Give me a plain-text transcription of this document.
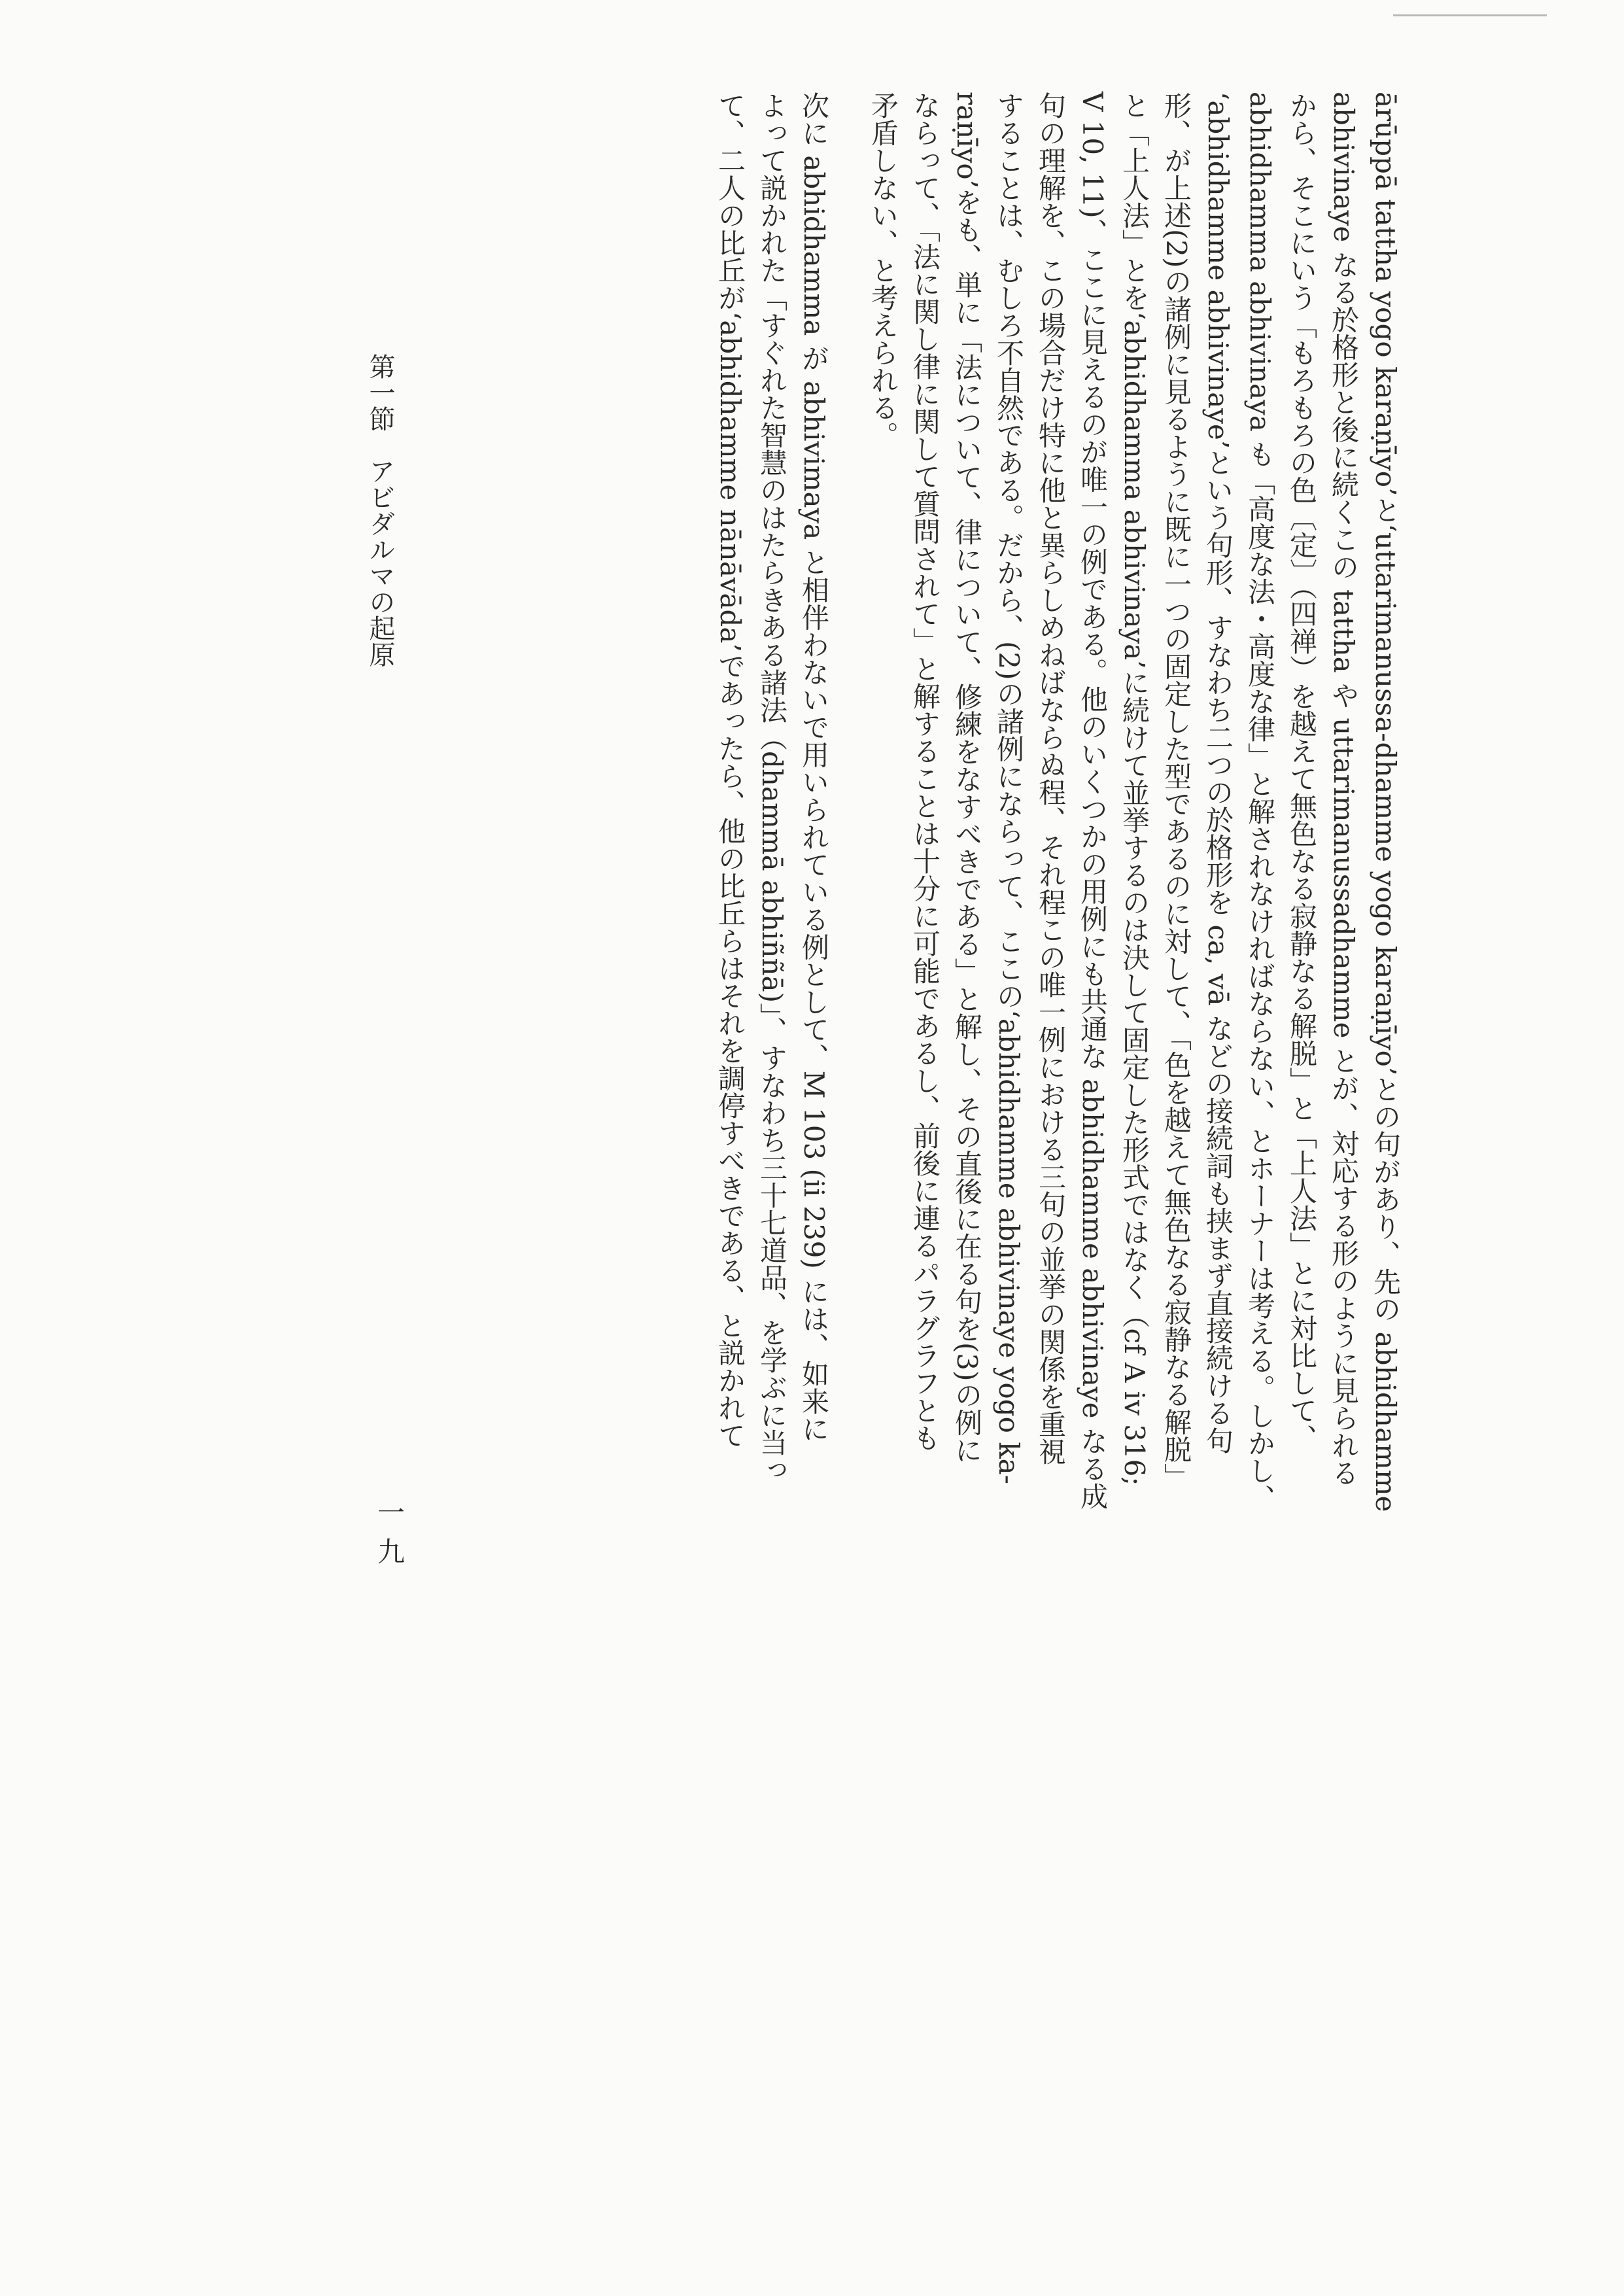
ārūppā tattha yogo karaṇīyo’と‘uttarimanussa-dhamme yogo karaṇīyo’との句があり、先の abhidhamme
abhivinaye なる於格形と後に続くこの tattha や uttarimanussadhamme とが、対応する形のように見られる
から、そこにいう「もろもろの色〔定〕（四禅）を越えて無色なる寂静なる解脱」と「上人法」とに対比して、
abhidhamma abhivinaya も「高度な法・高度な律」と解されなければならない、とホーナーは考える。しかし、
‘abhidhamme abhivinaye’という句形、すなわち二つの於格形を ca, vā などの接続詞も挟まず直接続ける句
形、が上述(2)の諸例に見るように既に一つの固定した型であるのに対して、「色を越えて無色なる寂静なる解脱」
と「上人法」とを‘abhidhamma abhivinaya’に続けて並挙するのは決して固定した形式ではなく（cf A iv 316;
V 10, 11)、ここに見えるのが唯一の例である。他のいくつかの用例にも共通な abhidhamme abhivinaye なる成
句の理解を、この場合だけ特に他と異らしめねばならぬ程、それ程この唯一例における三句の並挙の関係を重視
することは、むしろ不自然である。だから、(2)の諸例にならって、ここの‘abhidhamme abhivinaye yogo ka-
raṇīyo’をも、単に「法について、律について、修練をなすべきである」と解し、その直後に在る句を(3)の例に
ならって、「法に関し律に関して質問されて」と解することは十分に可能であるし、前後に連るパラグラフとも
矛盾しない、と考えられる。
次に abhidhamma が abhivimaya と相伴わないで用いられている例として、M 103 (ii 239) には、如来に
よって説かれた「すぐれた智慧のはたらきある諸法（dhammā abhiññā)」、すなわち三十七道品、を学ぶに当っ
て、二人の比丘が‘abhidhamme nānāvāda’であったら、他の比丘らはそれを調停すべきである、と説かれて
第一節　アビダルマの起原
一九
